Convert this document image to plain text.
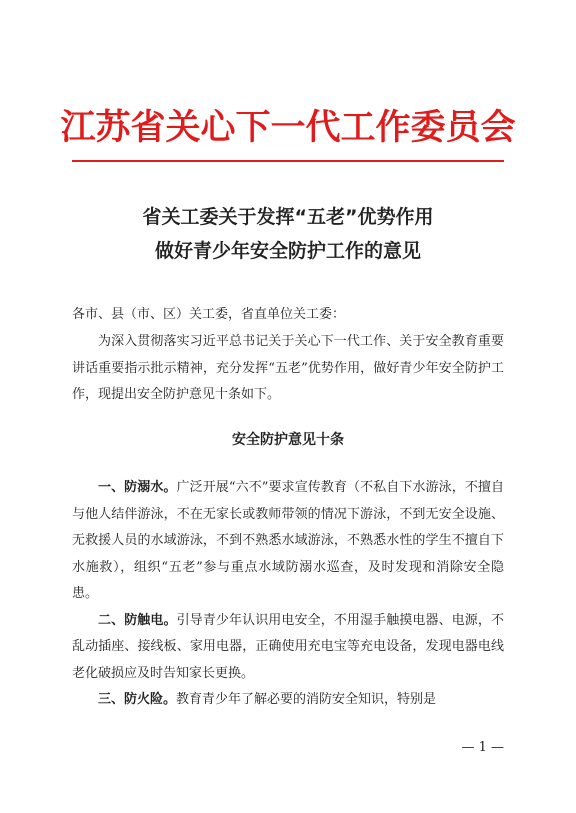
江苏省关心下一代工作委员会
省关工委关于发挥“五老”优势作用
做好青少年安全防护工作的意见
各市、县（市、区）关工委，省直单位关工委：
为深入贯彻落实习近平总书记关于关心下一代工作、关于安全教育重要讲话重要指示批示精神，充分发挥“五老”优势作用，做好青少年安全防护工作，现提出安全防护意见十条如下。
安全防护意见十条

一、防溺水。广泛开展“六不”要求宣传教育（不私自下水游泳，不擅自与他人结伴游泳，不在无家长或教师带领的情况下游泳，不到无安全设施、无救援人员的水域游泳，不到不熟悉水域游泳，不熟悉水性的学生不擅自下水施救），组织“五老”参与重点水域防溺水巡查，及时发现和消除安全隐患。

二、防触电。引导青少年认识用电安全，不用湿手触摸电器、电源，不乱动插座、接线板、家用电器，正确使用充电宝等充电设备，发现电器电线老化破损应及时告知家长更换。

三、防火险。教育青少年了解必要的消防安全知识，特别是

— 1 —
